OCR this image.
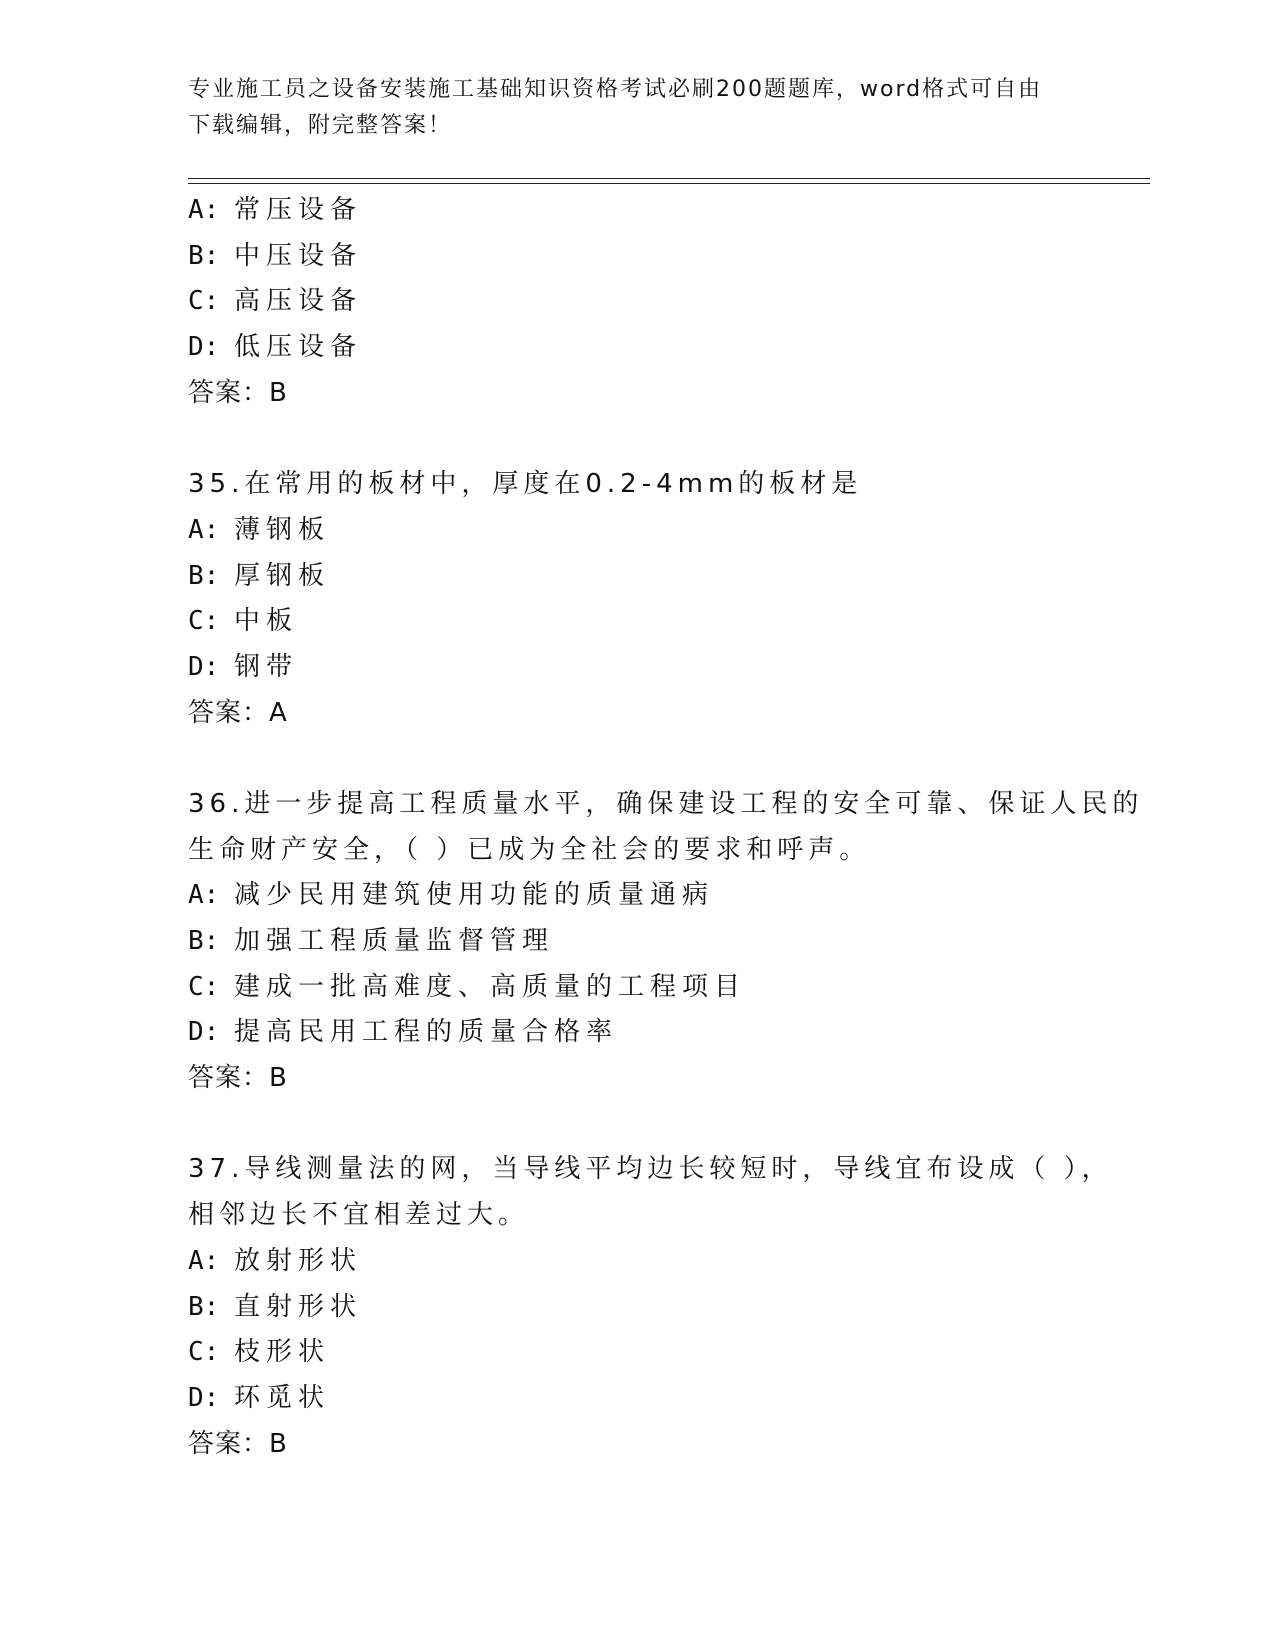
专业施工员之设备安装施工基础知识资格考试必刷200题题库，word格式可自由
下载编辑，附完整答案！
A: 常压设备
B: 中压设备
C: 高压设备
D: 低压设备
答案：B
35.在常用的板材中，厚度在0.2-4mm的板材是
A: 薄钢板
B: 厚钢板
C: 中板
D: 钢带
答案：A
36.进一步提高工程质量水平，确保建设工程的安全可靠、保证人民的
生命财产安全，（ ）已成为全社会的要求和呼声。
A: 减少民用建筑使用功能的质量通病
B: 加强工程质量监督管理
C: 建成一批高难度、高质量的工程项目
D: 提高民用工程的质量合格率
答案：B
37.导线测量法的网，当导线平均边长较短时，导线宜布设成（ ），
相邻边长不宜相差过大。
A: 放射形状
B: 直射形状
C: 枝形状
D: 环觅状
答案：B
